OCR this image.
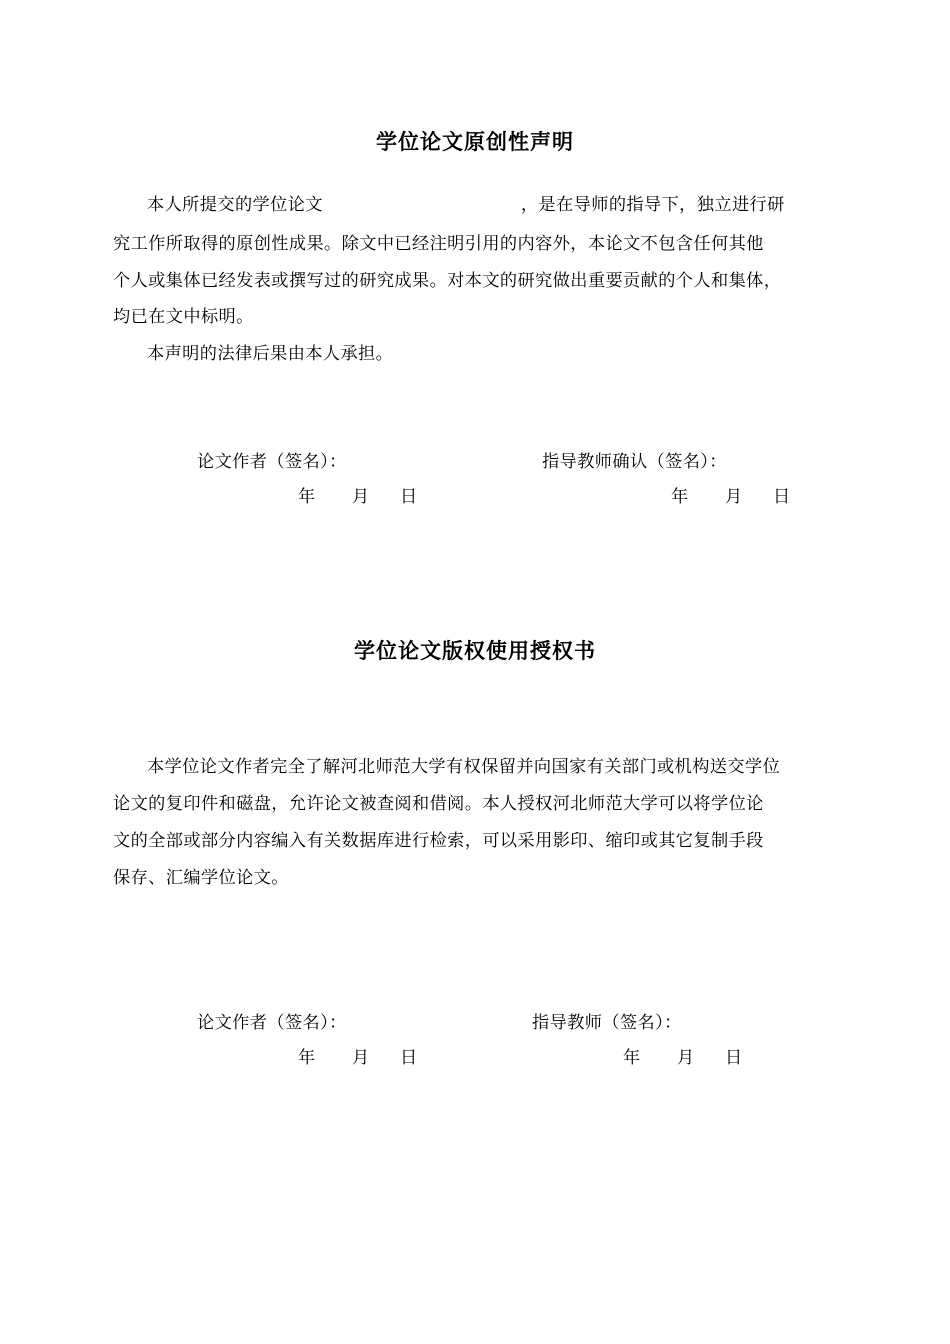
学位论文原创性声明
本人所提交的学位论文	，是在导师的指导下，独立进行研
究工作所取得的原创性成果。除文中已经注明引用的内容外，本论文不包含任何其他
个人或集体已经发表或撰写过的研究成果。对本文的研究做出重要贡献的个人和集体，
均已在文中标明。
本声明的法律后果由本人承担。
论文作者（签名）：	指导教师确认（签名）：
年 月 日	年 月 日
学位论文版权使用授权书
本学位论文作者完全了解河北师范大学有权保留并向国家有关部门或机构送交学位
论文的复印件和磁盘，允许论文被查阅和借阅。本人授权河北师范大学可以将学位论
文的全部或部分内容编入有关数据库进行检索，可以采用影印、缩印或其它复制手段
保存、汇编学位论文。
论文作者（签名）：	指导教师（签名）：
年 月 日	年 月 日
